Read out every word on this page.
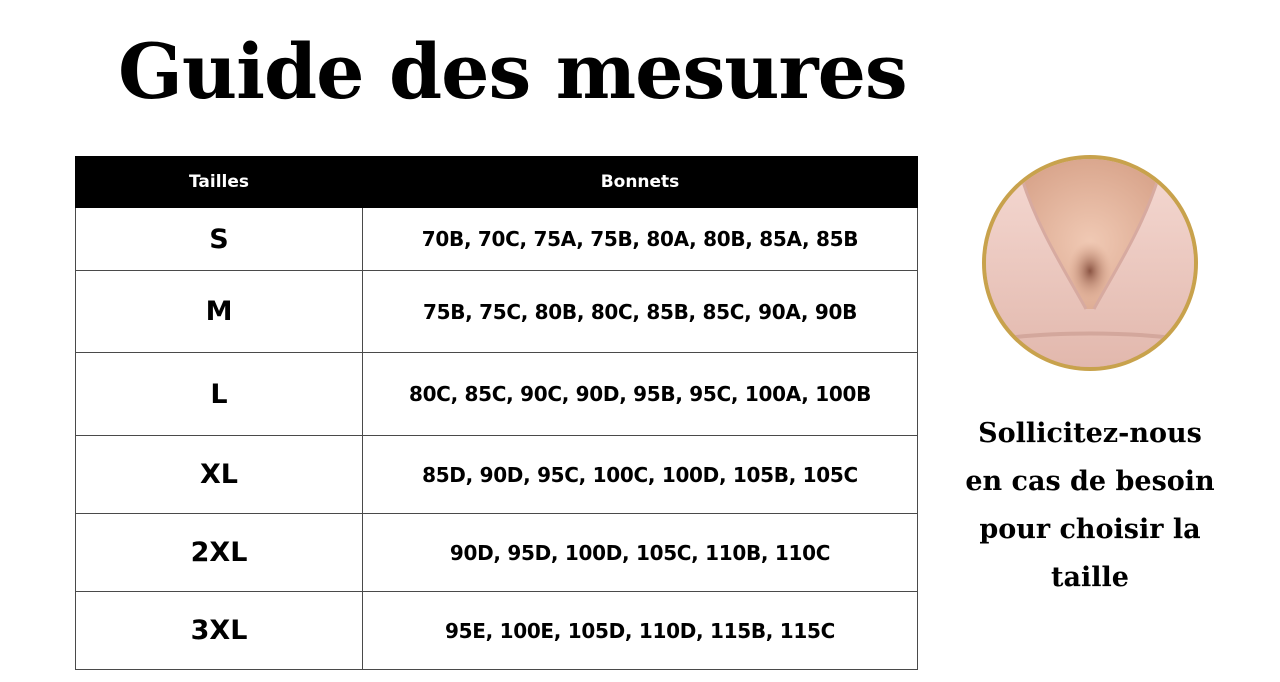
Guide des mesures
Tailles	Bonnets
S	70B, 70C, 75A, 75B, 80A, 80B, 85A, 85B
M	75B, 75C, 80B, 80C, 85B, 85C, 90A, 90B
L	80C, 85C, 90C, 90D, 95B, 95C, 100A, 100B
XL	85D, 90D, 95C, 100C, 100D, 105B, 105C
2XL	90D, 95D, 100D, 105C, 110B, 110C
3XL	95E, 100E, 105D, 110D, 115B, 115C

Sollicitez-nous
en cas de besoin
pour choisir la
taille
